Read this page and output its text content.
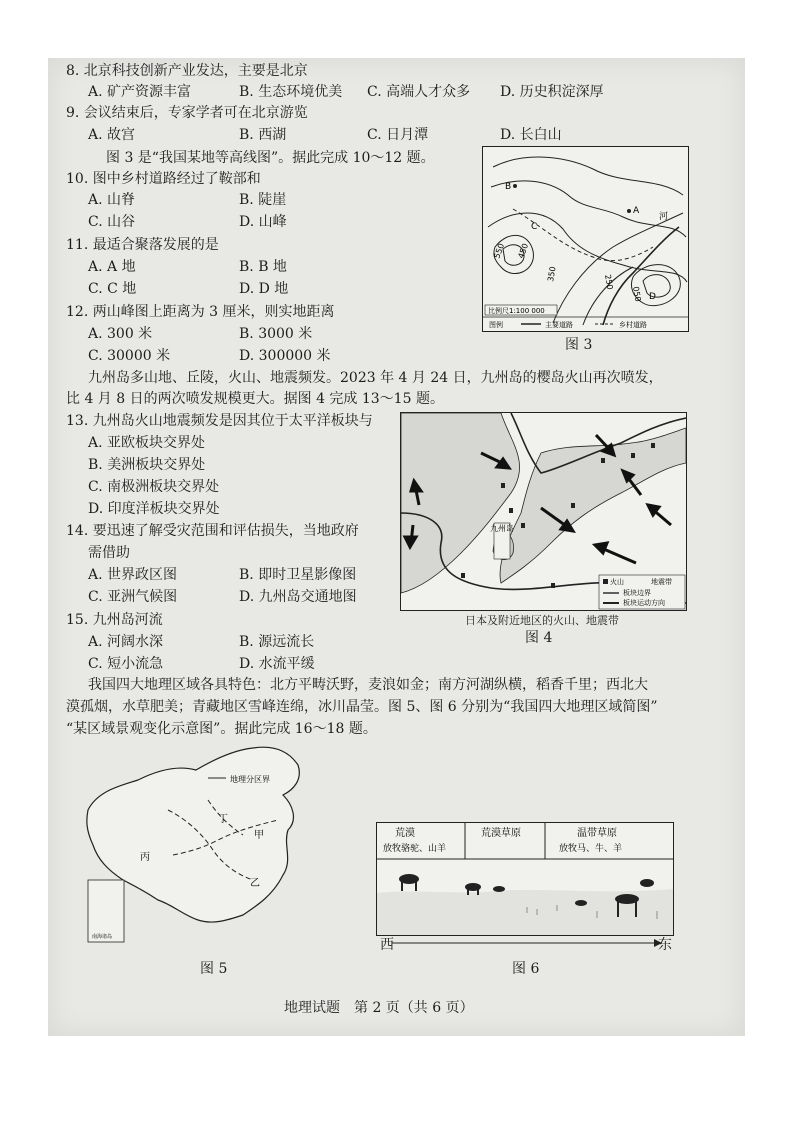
8. 北京科技创新产业发达，主要是北京
A. 矿产资源丰富	B. 生态环境优美 C. 高端人才众多 D. 历史积淀深厚
9. 会议结束后，专家学者可在北京游览
A. 故宫	B. 西湖	C. 日月潭	D. 长白山
图 3 是“我国某地等高线图”。据此完成 10～12 题。
10. 图中乡村道路经过了鞍部和
A. 山脊	B. 陡崖
C. 山谷	D. 山峰
11. 最适合聚落发展的是
A. A 地	B. B 地
C. C 地	D. D 地
12. 两山峰图上距离为 3 厘米，则实地距离
A. 300 米	B. 3000 米
C. 30000 米	D. 300000 米
B
A
C
D
河
550 450
350	250
050
比例尺1:100 000
图例	主要道路	乡村道路
图 3
九州岛多山地、丘陵，火山、地震频发。2023 年 4 月 24 日，九州岛的樱岛火山再次喷发，
比 4 月 8 日的两次喷发规模更大。据图 4 完成 13～15 题。
13. 九州岛火山地震频发是因其位于太平洋板块与
A. 亚欧板块交界处
B. 美洲板块交界处
C. 南极洲板块交界处
D. 印度洋板块交界处
14. 要迅速了解受灾范围和评估损失，当地政府
需借助
A. 世界政区图	B. 即时卫星影像图
C. 亚洲气候图	D. 九州岛交通地图
15. 九州岛河流
A. 河阔水深	B. 源远流长
C. 短小流急	D. 水流平缓
九州岛
火山	地震带
板块边界
板块运动方向
日本及附近地区的火山、地震带
图 4
我国四大地理区域各具特色：北方平畴沃野，麦浪如金；南方河湖纵横，稻香千里；西北大
漠孤烟，水草肥美；青藏地区雪峰连绵，冰川晶莹。图 5、图 6 分别为“我国四大地理区域简图”
“某区域景观变化示意图”。据此完成 16～18 题。
地理分区界
丁
甲
丙
乙
南海诸岛
图 5
荒漠
放牧骆驼、山羊
荒漠草原	温带草原
放牧马、牛、羊
西	东
图 6
地理试题　第 2 页（共 6 页）
